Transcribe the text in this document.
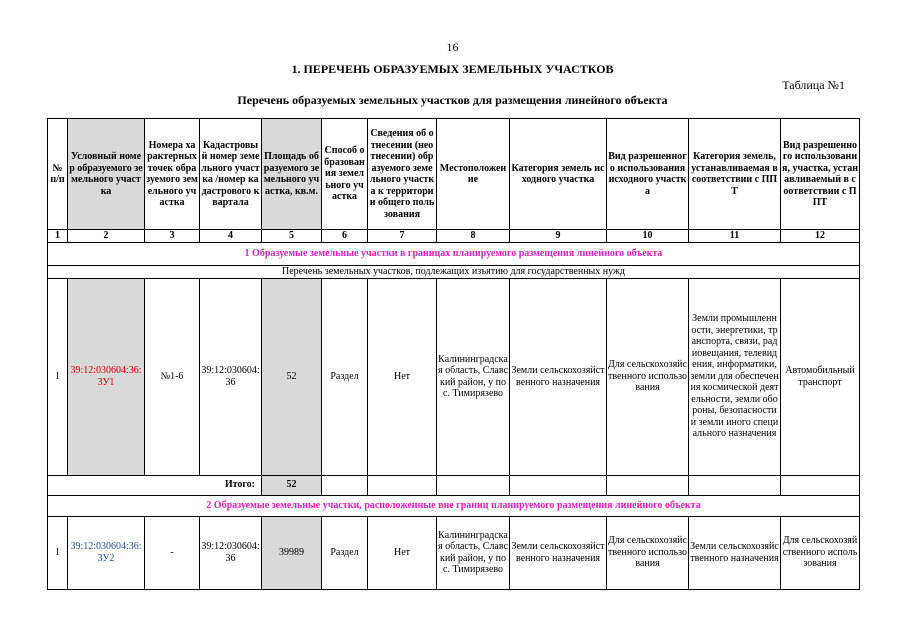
16
1. ПЕРЕЧЕНЬ ОБРАЗУЕМЫХ ЗЕМЕЛЬНЫХ УЧАСТКОВ
Таблица №1
Перечень образуемых земельных участков для размещения линейного объекта
№ п/п	Условный номер образуемого земельного участка	Номера характерных точек образуемого земельного участка	Кадастровый номер земельного участка /номер кадастрового квартала	Площадь образуемого земельного участка, кв.м.	Способ образования земельного участка	Сведения об отнесении (неотнесении) образуемого земельного участка к территории общего пользования	Местоположение	Категория земель исходного участка	Вид разрешенного использования исходного участка	Категория земель, устанавливаемая в соответствии с ППТ	Вид разрешенного использования, участка, устанавливаемый в соответствии с ППТ
1	2	3	4	5	6	7	8	9	10	11	12
1 Образуемые земельные участки в границах планируемого размещения линейного объекта											
Перечень земельных участков, подлежащих изъятию для государственных нужд											
1	39:12:030604:36:ЗУ1	№1-6	39:12:030604:36	52	Раздел	Нет	Калининградская область, Славский район, у пос. Тимирязево	Земли сельскохозяйственного назначения	Для сельскохозяйственного использования	Земли промышленности, энергетики, транспорта, связи, радиовещания, телевидения, информатики, земли для обеспечения космической деятельности, земли обороны, безопасности и земли иного специального назначения	Автомобильный транспорт
Итого:				52							
2 Образуемые земельные участки, расположенные вне границ планируемого размещения линейного объекта											
1	39:12:030604:36:ЗУ2	-	39:12:030604:36	39989	Раздел	Нет	Калининградская область, Славский район, у пос. Тимирязево	Земли сельскохозяйственного назначения	Для сельскохозяйственного использования	Земли сельскохозяйственного назначения	Для сельскохозяйственного использования
